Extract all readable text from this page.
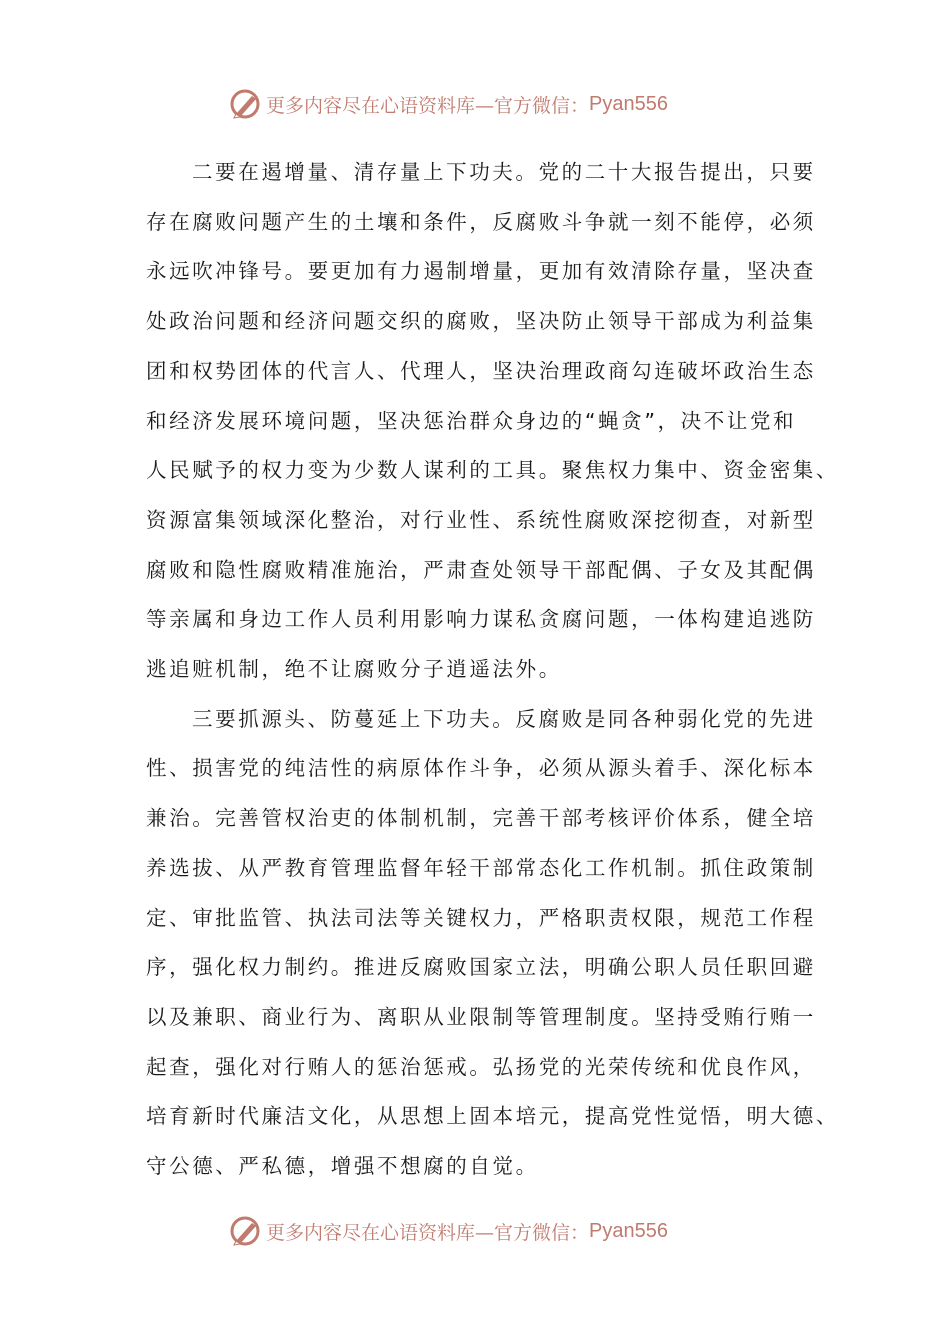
更多内容尽在心语资料库—官方微信： Pyan556
二要在遏增量、清存量上下功夫。党的二十大报告提出，只要
存在腐败问题产生的土壤和条件，反腐败斗争就一刻不能停，必须
永远吹冲锋号。要更加有力遏制增量，更加有效清除存量，坚决查
处政治问题和经济问题交织的腐败，坚决防止领导干部成为利益集
团和权势团体的代言人、代理人，坚决治理政商勾连破坏政治生态
和经济发展环境问题，坚决惩治群众身边的“蝇贪”，决不让党和
人民赋予的权力变为少数人谋利的工具。聚焦权力集中、资金密集、
资源富集领域深化整治，对行业性、系统性腐败深挖彻查，对新型
腐败和隐性腐败精准施治，严肃查处领导干部配偶、子女及其配偶
等亲属和身边工作人员利用影响力谋私贪腐问题，一体构建追逃防
逃追赃机制，绝不让腐败分子逍遥法外。
三要抓源头、防蔓延上下功夫。反腐败是同各种弱化党的先进
性、损害党的纯洁性的病原体作斗争，必须从源头着手、深化标本
兼治。完善管权治吏的体制机制，完善干部考核评价体系，健全培
养选拔、从严教育管理监督年轻干部常态化工作机制。抓住政策制
定、审批监管、执法司法等关键权力，严格职责权限，规范工作程
序，强化权力制约。推进反腐败国家立法，明确公职人员任职回避
以及兼职、商业行为、离职从业限制等管理制度。坚持受贿行贿一
起查，强化对行贿人的惩治惩戒。弘扬党的光荣传统和优良作风，
培育新时代廉洁文化，从思想上固本培元，提高党性觉悟，明大德、
守公德、严私德，增强不想腐的自觉。
更多内容尽在心语资料库—官方微信： Pyan556
